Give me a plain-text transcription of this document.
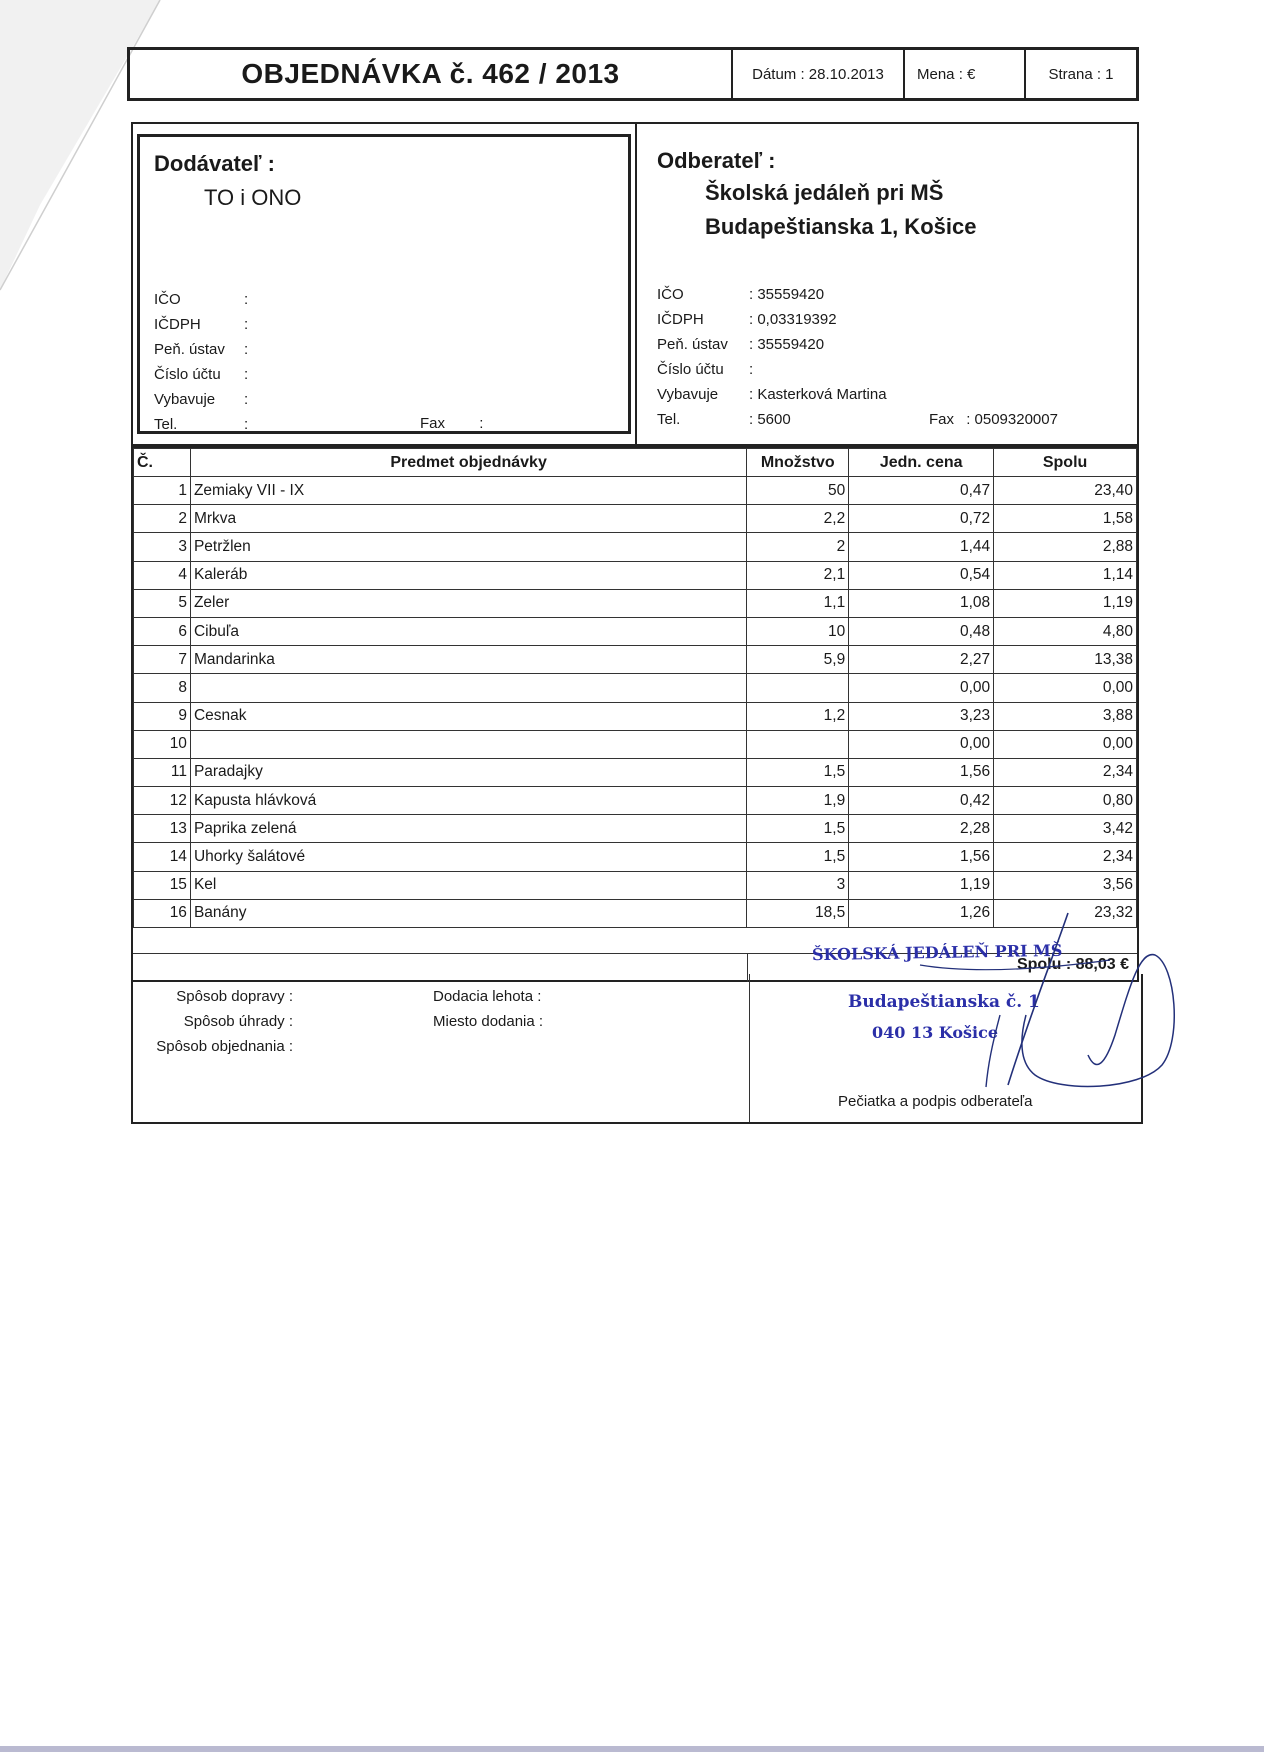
OBJEDNÁVKA č. 462 / 2013	Dátum : 28.10.2013	Mena : €	Strana : 1
Dodávateľ :
TO i ONO
IČO	:
IČDPH	:
Peň. ústav :
Číslo účtu :
Vybavuje :
Tel.	:	Fax :
Odberateľ :
Školská jedáleň pri MŠ
Budapeštianska 1, Košice
IČO	: 35559420
IČDPH	: 0,03319392
Peň. ústav : 35559420
Číslo účtu :
Vybavuje : Kasterková Martina
Tel.	: 5600	Fax : 0509320007
Č.	Predmet objednávky	Množstvo	Jedn. cena	Spolu
1	Zemiaky VII - IX	50	0,47	23,40
2	Mrkva	2,2	0,72	1,58
3	Petržlen	2	1,44	2,88
4	Kaleráb	2,1	0,54	1,14
5	Zeler	1,1	1,08	1,19
6	Cibuľa	10	0,48	4,80
7	Mandarinka	5,9	2,27	13,38
8			0,00	0,00
9	Cesnak	1,2	3,23	3,88
10			0,00	0,00
11	Paradajky	1,5	1,56	2,34
12	Kapusta hlávková	1,9	0,42	0,80
13	Paprika zelená	1,5	2,28	3,42
14	Uhorky šalátové	1,5	1,56	2,34
15	Kel	3	1,19	3,56
16	Banány	18,5	1,26	23,32
Spolu : 88,03 €
Spôsob dopravy :
Spôsob úhrady :
Spôsob objednania :
Dodacia lehota :
Miesto dodania :
Pečiatka a podpis odberateľa
ŠKOLSKÁ JEDÁLEŇ PRI MŠ
Budapeštianska č. 1
040 13 Košice
